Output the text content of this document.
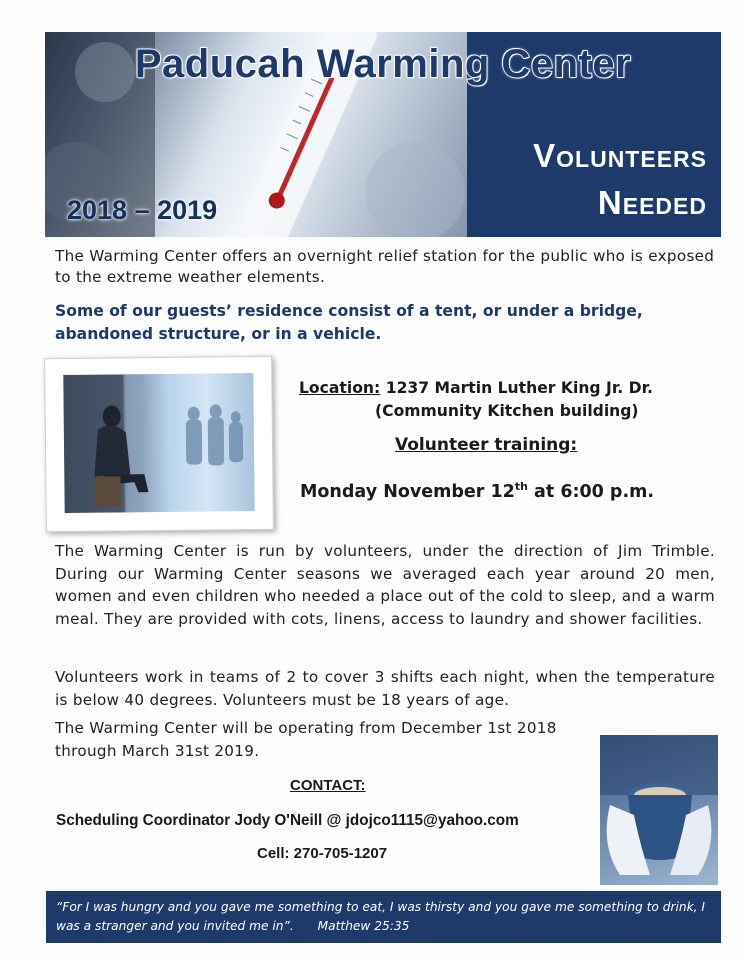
Paducah Warming Center
Volunteers
Needed
2018 – 2019
The Warming Center offers an overnight relief station for the public who is exposed to the extreme weather elements.
Some of our guests’ residence consist of a tent, or under a bridge, abandoned structure, or in a vehicle.
Location: 1237 Martin Luther King Jr. Dr.
(Community Kitchen building)
Volunteer training:
Monday November 12th at 6:00 p.m.
The Warming Center is run by volunteers, under the direction of Jim Trimble. During our Warming Center seasons we averaged each year around 20 men, women and even children who needed a place out of the cold to sleep, and a warm meal. They are provided with cots, linens, access to laundry and shower facilities.
Volunteers work in teams of 2 to cover 3 shifts each night, when the temperature is below 40 degrees. Volunteers must be 18 years of age.
The Warming Center will be operating from December 1st 2018 through March 31st 2019.
CONTACT:
Scheduling Coordinator Jody O'Neill @ jdojco1115@yahoo.com
Cell: 270-705-1207
“For I was hungry and you gave me something to eat, I was thirsty and you gave me something to drink, I was a stranger and you invited me in”. Matthew 25:35
